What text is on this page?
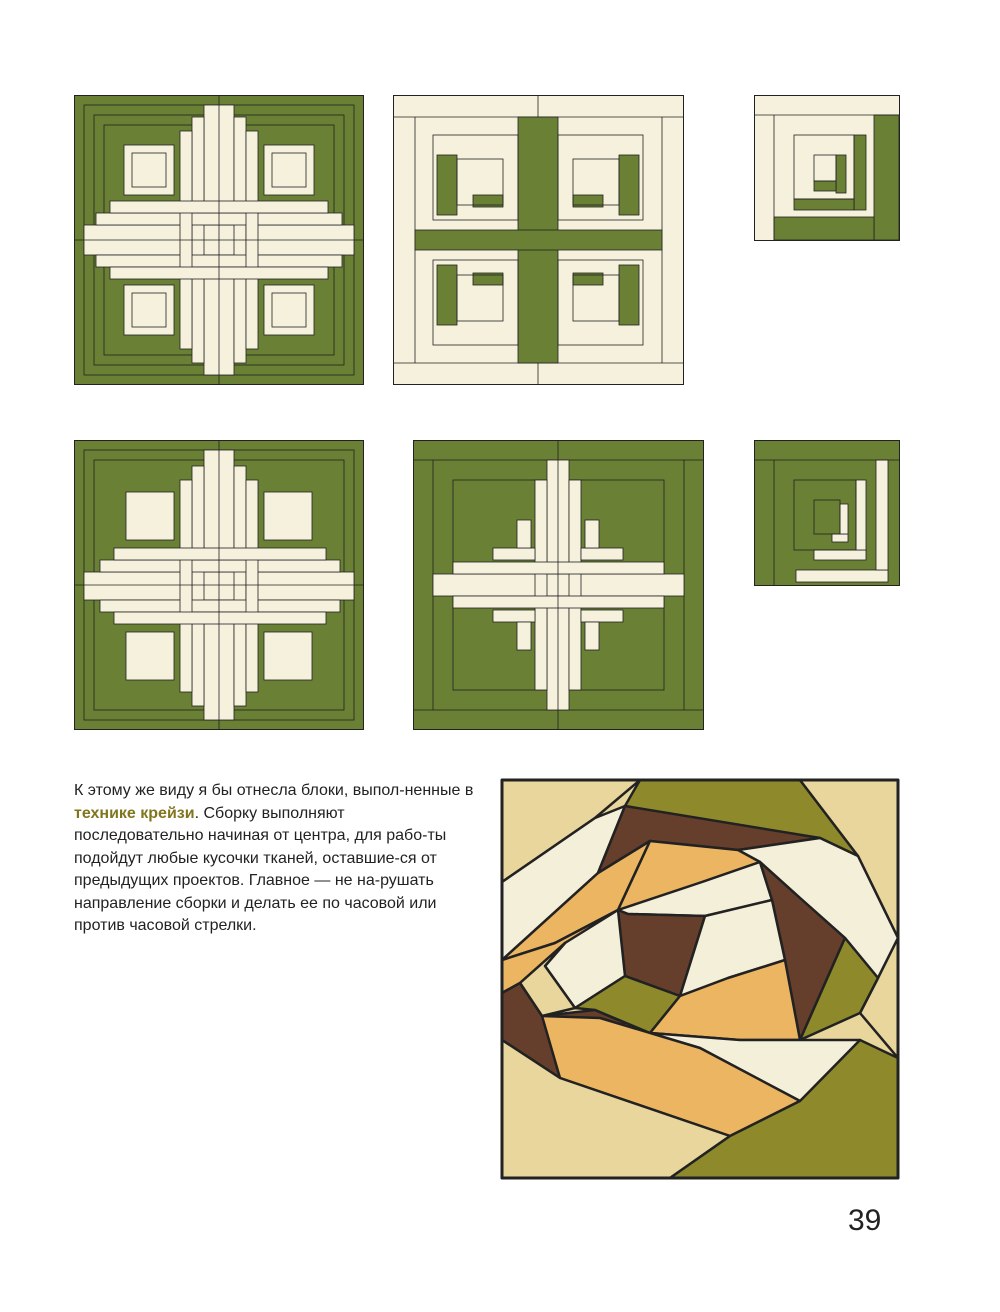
К этому же виду я бы отнесла блоки, выпол-ненные в технике крейзи. Сборку выполняют последовательно начиная от центра, для рабо-ты подойдут любые кусочки тканей, оставшие-ся от предыдущих проектов. Главное — не на-рушать направление сборки и делать ее по часовой или против часовой стрелки.

39
